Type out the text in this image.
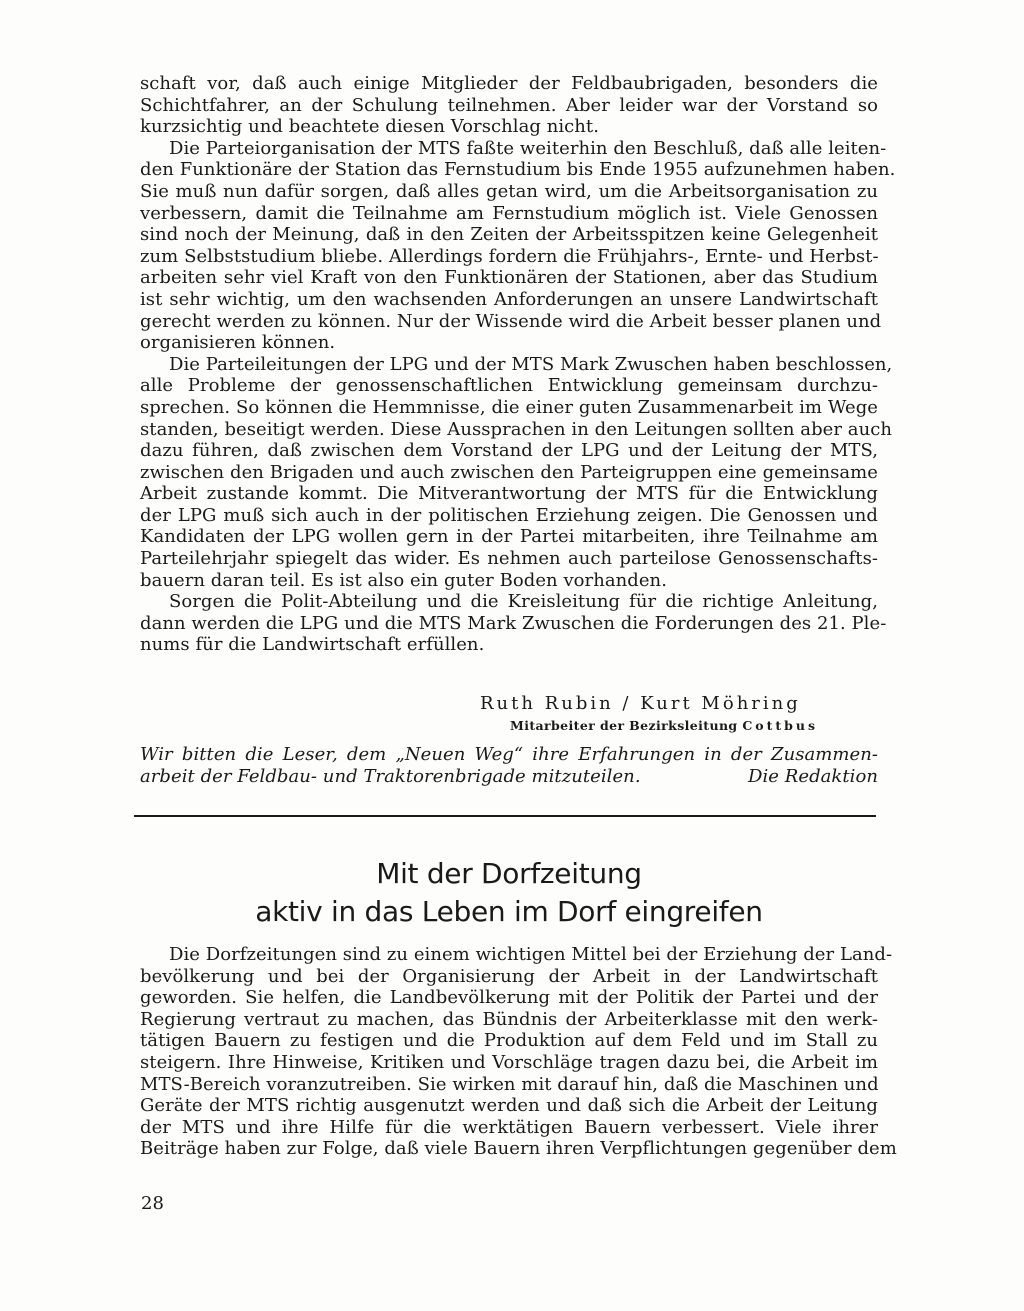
schaft vor, daß auch einige Mitglieder der Feldbaubrigaden, besonders die
Schichtfahrer, an der Schulung teilnehmen. Aber leider war der Vorstand so
kurzsichtig und beachtete diesen Vorschlag nicht.
Die Parteiorganisation der MTS faßte weiterhin den Beschluß, daß alle leiten-
den Funktionäre der Station das Fernstudium bis Ende 1955 aufzunehmen haben.
Sie muß nun dafür sorgen, daß alles getan wird, um die Arbeitsorganisation zu
verbessern, damit die Teilnahme am Fernstudium möglich ist. Viele Genossen
sind noch der Meinung, daß in den Zeiten der Arbeitsspitzen keine Gelegenheit
zum Selbststudium bliebe. Allerdings fordern die Frühjahrs-, Ernte- und Herbst-
arbeiten sehr viel Kraft von den Funktionären der Stationen, aber das Studium
ist sehr wichtig, um den wachsenden Anforderungen an unsere Landwirtschaft
gerecht werden zu können. Nur der Wissende wird die Arbeit besser planen und
organisieren können.
Die Parteileitungen der LPG und der MTS Mark Zwuschen haben beschlossen,
alle Probleme der genossenschaftlichen Entwicklung gemeinsam durchzu-
sprechen. So können die Hemmnisse, die einer guten Zusammenarbeit im Wege
standen, beseitigt werden. Diese Aussprachen in den Leitungen sollten aber auch
dazu führen, daß zwischen dem Vorstand der LPG und der Leitung der MTS,
zwischen den Brigaden und auch zwischen den Parteigruppen eine gemeinsame
Arbeit zustande kommt. Die Mitverantwortung der MTS für die Entwicklung
der LPG muß sich auch in der politischen Erziehung zeigen. Die Genossen und
Kandidaten der LPG wollen gern in der Partei mitarbeiten, ihre Teilnahme am
Parteilehrjahr spiegelt das wider. Es nehmen auch parteilose Genossenschafts-
bauern daran teil. Es ist also ein guter Boden vorhanden.
Sorgen die Polit-Abteilung und die Kreisleitung für die richtige Anleitung,
dann werden die LPG und die MTS Mark Zwuschen die Forderungen des 21. Ple-
nums für die Landwirtschaft erfüllen.
Ruth Rubin / Kurt Möhring
Mitarbeiter der Bezirksleitung Cottbus
Wir bitten die Leser, dem „Neuen Weg“ ihre Erfahrungen in der Zusammen-
arbeit der Feldbau- und Traktorenbrigade mitzuteilen.	Die Redaktion
Mit der Dorfzeitung
aktiv in das Leben im Dorf eingreifen
Die Dorfzeitungen sind zu einem wichtigen Mittel bei der Erziehung der Land-
bevölkerung und bei der Organisierung der Arbeit in der Landwirtschaft
geworden. Sie helfen, die Landbevölkerung mit der Politik der Partei und der
Regierung vertraut zu machen, das Bündnis der Arbeiterklasse mit den werk-
tätigen Bauern zu festigen und die Produktion auf dem Feld und im Stall zu
steigern. Ihre Hinweise, Kritiken und Vorschläge tragen dazu bei, die Arbeit im
MTS-Bereich voranzutreiben. Sie wirken mit darauf hin, daß die Maschinen und
Geräte der MTS richtig ausgenutzt werden und daß sich die Arbeit der Leitung
der MTS und ihre Hilfe für die werktätigen Bauern verbessert. Viele ihrer
Beiträge haben zur Folge, daß viele Bauern ihren Verpflichtungen gegenüber dem
28
